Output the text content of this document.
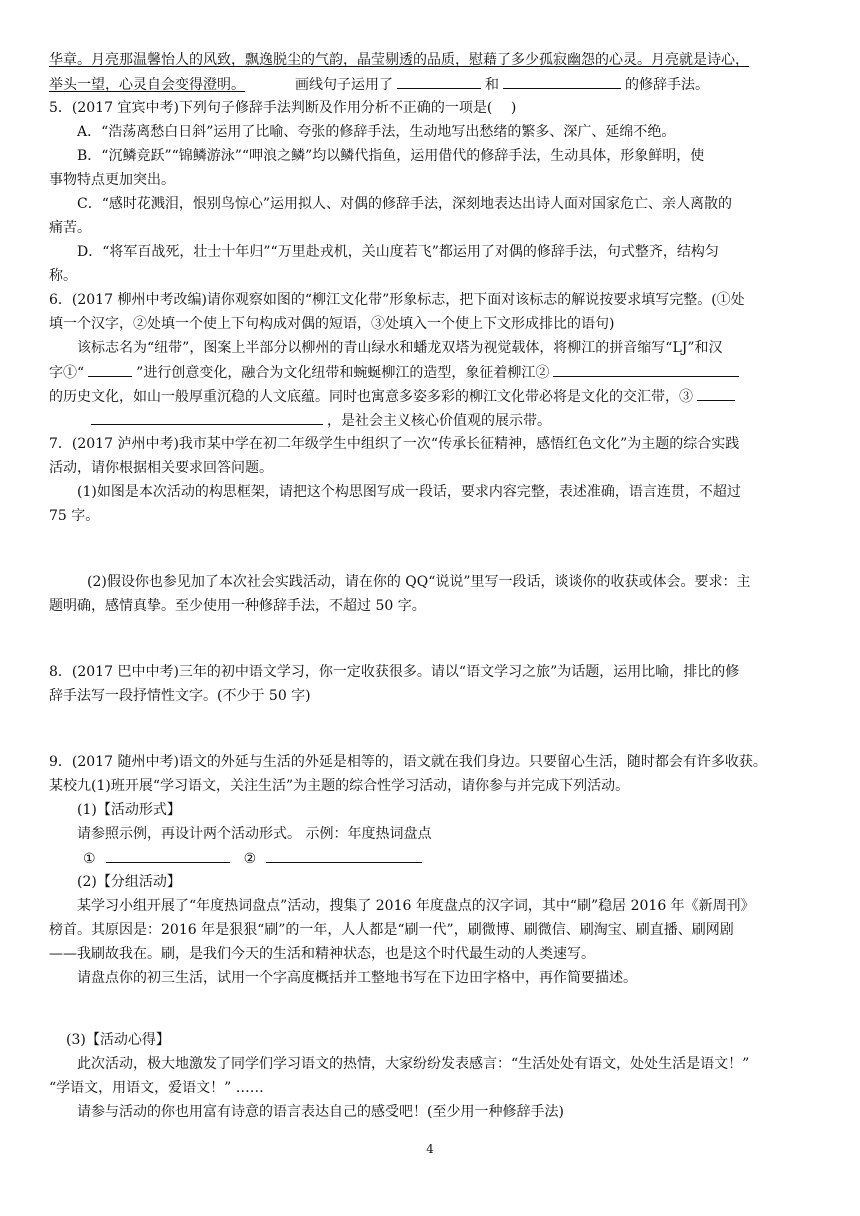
华章。月亮那温馨怡人的风致，飘逸脱尘的气韵，晶莹剔透的品质，慰藉了多少孤寂幽怨的心灵。月亮就是诗心，
举头一望，心灵自会变得澄明。	画线句子运用了	和	的修辞手法。
5．(2017 宜宾中考)下列句子修辞手法判断及作用分析不正确的一项是(　 )
A．“浩荡离愁白日斜”运用了比喻、夸张的修辞手法，生动地写出愁绪的繁多、深广、延绵不绝。
B．“沉鳞竞跃”“锦鳞游泳”“呷浪之鳞”均以鳞代指鱼，运用借代的修辞手法，生动具体，形象鲜明，使
事物特点更加突出。
C．“感时花溅泪，恨别鸟惊心”运用拟人、对偶的修辞手法，深刻地表达出诗人面对国家危亡、亲人离散的
痛苦。
D．“将军百战死，壮士十年归”“万里赴戎机，关山度若飞”都运用了对偶的修辞手法，句式整齐，结构匀
称。
6．(2017 柳州中考改编)请你观察如图的“柳江文化带”形象标志，把下面对该标志的解说按要求填写完整。(①处
填一个汉字，②处填一个使上下句构成对偶的短语，③处填入一个使上下文形成排比的语句)
该标志名为“纽带”，图案上半部分以柳州的青山绿水和蟠龙双塔为视觉载体，将柳江的拼音缩写“LJ”和汉
字①“	”进行创意变化，融合为文化纽带和蜿蜒柳江的造型，象征着柳江②
的历史文化，如山一般厚重沉稳的人文底蕴。同时也寓意多姿多彩的柳江文化带必将是文化的交汇带，③
，是社会主义核心价值观的展示带。
7．(2017 泸州中考)我市某中学在初二年级学生中组织了一次“传承长征精神，感悟红色文化”为主题的综合实践
活动，请你根据相关要求回答问题。
(1)如图是本次活动的构思框架，请把这个构思图写成一段话，要求内容完整，表述准确，语言连贯，不超过
75 字。
(2)假设你也参见加了本次社会实践活动，请在你的 QQ“说说”里写一段话，谈谈你的收获或体会。要求：主
题明确，感情真挚。至少使用一种修辞手法，不超过 50 字。
8．(2017 巴中中考)三年的初中语文学习，你一定收获很多。请以“语文学习之旅”为话题，运用比喻，排比的修
辞手法写一段抒情性文字。(不少于 50 字)
9．(2017 随州中考)语文的外延与生活的外延是相等的，语文就在我们身边。只要留心生活，随时都会有许多收获。
某校九(1)班开展“学习语文，关注生活”为主题的综合性学习活动，请你参与并完成下列活动。
(1)【活动形式】
请参照示例，再设计两个活动形式。 示例：年度热词盘点
①	②
(2)【分组活动】
某学习小组开展了“年度热词盘点”活动，搜集了 2016 年度盘点的汉字词，其中“刷”稳居 2016 年《新周刊》
榜首。其原因是：2016 年是狠狠“刷”的一年，人人都是“刷一代”，刷微博、刷微信、刷淘宝、刷直播、刷网剧
——我刷故我在。刷，是我们今天的生活和精神状态，也是这个时代最生动的人类速写。
请盘点你的初三生活，试用一个字高度概括并工整地书写在下边田字格中，再作简要描述。
(3)【活动心得】
此次活动，极大地激发了同学们学习语文的热情，大家纷纷发表感言：“生活处处有语文，处处生活是语文！”
“学语文，用语文，爱语文！” ……
请参与活动的你也用富有诗意的语言表达自己的感受吧！(至少用一种修辞手法)
4
